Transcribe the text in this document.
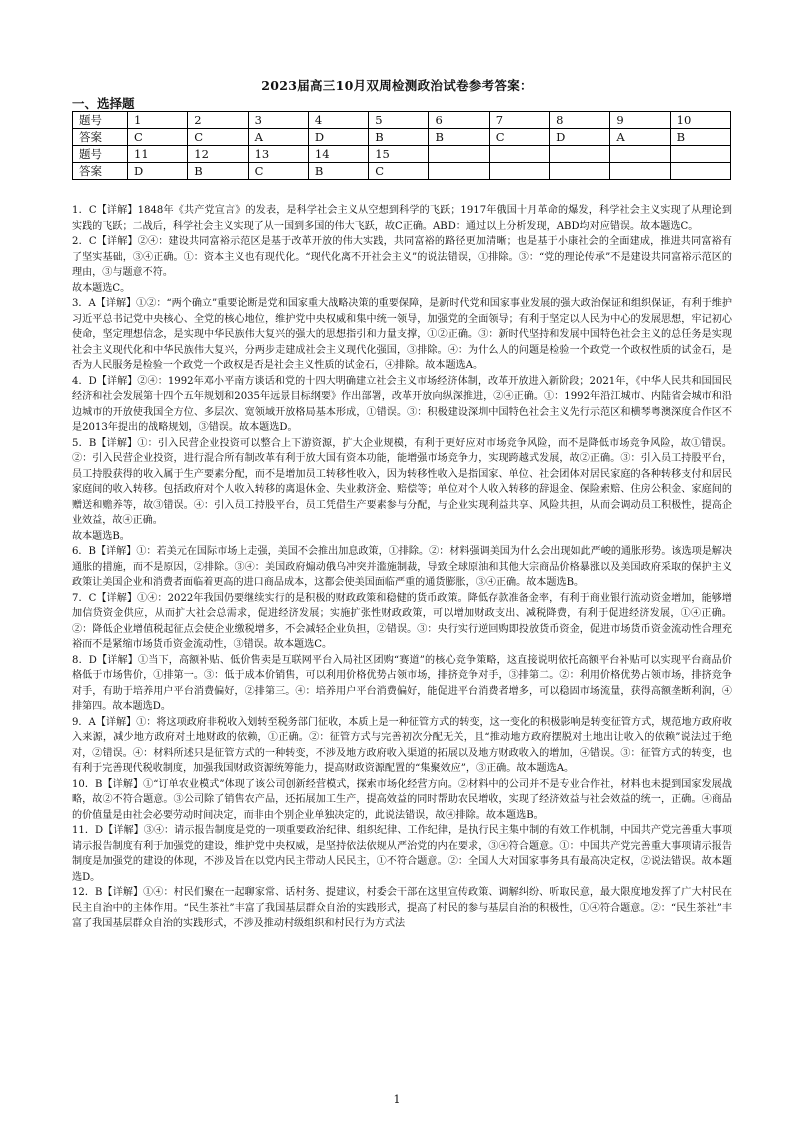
2023届高三10月双周检测政治试卷参考答案：
一、选择题
题号	1	2	3	4	5	6	7	8	9	10
答案	C	C	A	D	B	B	C	D	A	B
题号	11	12	13	14	15					
答案	D	B	C	B	C					

1．C【详解】1848年《共产党宣言》的发表，是科学社会主义从空想到科学的飞跃；1917年俄国十月革命的爆发，科学社会主义实现了从理论到实践的飞跃；二战后，科学社会主义实现了从一国到多国的伟大飞跃，故C正确。ABD：通过以上分析发现，ABD均对应错误。故本题选C。

2．C【详解】②④：建设共同富裕示范区是基于改革开放的伟大实践，共同富裕的路径更加清晰；也是基于小康社会的全面建成，推进共同富裕有了坚实基础，③④正确。①：资本主义也有现代化。“现代化离不开社会主义”的说法错误，①排除。③：“党的理论传承”不是建设共同富裕示范区的理由，③与题意不符。

故本题选C。

3．A【详解】①②：“两个确立”重要论断是党和国家重大战略决策的重要保障，是新时代党和国家事业发展的强大政治保证和组织保证，有利于维护习近平总书记党中央核心、全党的核心地位，维护党中央权威和集中统一领导，加强党的全面领导；有利于坚定以人民为中心的发展思想，牢记初心使命，坚定理想信念，是实现中华民族伟大复兴的强大的思想指引和力量支撑，①②正确。③：新时代坚持和发展中国特色社会主义的总任务是实现社会主义现代化和中华民族伟大复兴，分两步走建成社会主义现代化强国，③排除。④：为什么人的问题是检验一个政党一个政权性质的试金石，是否为人民服务是检验一个政党一个政权是否是社会主义性质的试金石，④排除。故本题选A。

4．D【详解】②④：1992年邓小平南方谈话和党的十四大明确建立社会主义市场经济体制，改革开放进入新阶段；2021年，《中华人民共和国国民经济和社会发展第十四个五年规划和2035年远景目标纲要》作出部署，改革开放向纵深推进，②④正确。①：1992年沿江城市、内陆省会城市和沿边城市的开放使我国全方位、多层次、宽领域开放格局基本形成，①错误。③：积极建设深圳中国特色社会主义先行示范区和横琴粤澳深度合作区不是2013年提出的战略规划，③错误。故本题选D。

5．B【详解】①：引入民营企业投资可以整合上下游资源，扩大企业规模，有利于更好应对市场竞争风险，而不是降低市场竞争风险，故①错误。②：引入民营企业投资，进行混合所有制改革有利于放大国有资本功能，能增强市场竞争力，实现跨越式发展，故②正确。③：引入员工持股平台，员工持股获得的收入属于生产要素分配，而不是增加员工转移性收入，因为转移性收入是指国家、单位、社会团体对居民家庭的各种转移支付和居民家庭间的收入转移。包括政府对个人收入转移的离退休金、失业救济金、赔偿等；单位对个人收入转移的辞退金、保险索赔、住房公积金、家庭间的赠送和赡养等，故③错误。④：引入员工持股平台，员工凭借生产要素参与分配，与企业实现利益共享、风险共担，从而会调动员工积极性，提高企业效益，故④正确。

故本题选B。

6．B【详解】①：若美元在国际市场上走强，美国不会推出加息政策，①排除。②：材料强调美国为什么会出现如此严峻的通胀形势。该选项是解决通胀的措施，而不是原因，②排除。③④：美国政府煽动俄乌冲突并滥施制裁，导致全球原油和其他大宗商品价格暴涨以及美国政府采取的保护主义政策让美国企业和消费者面临着更高的进口商品成本，这都会使美国面临严重的通货膨胀，③④正确。故本题选B。

7．C【详解】①④：2022年我国仍要继续实行的是积极的财政政策和稳健的货币政策。降低存款准备金率，有利于商业银行流动资金增加，能够增加信贷资金供应，从而扩大社会总需求，促进经济发展；实施扩张性财政政策，可以增加财政支出、减税降费，有利于促进经济发展，①④正确。②：降低企业增值税起征点会使企业缴税增多，不会减轻企业负担，②错误。③：央行实行逆回购即投放货币资金，促进市场货币资金流动性合理充裕而不是紧缩市场货币资金流动性，③错误。故本题选C。

8．D【详解】①当下，高额补贴、低价售卖是互联网平台入局社区团购“赛道”的核心竞争策略，这直接说明依托高额平台补贴可以实现平台商品价格低于市场售价，①排第一。③：低于成本价销售，可以利用价格优势占领市场，排挤竞争对手，③排第二。②：利用价格优势占领市场，排挤竞争对手，有助于培养用户平台消费偏好，②排第三。④：培养用户平台消费偏好，能促进平台消费者增多，可以稳固市场流量，获得高额垄断利润，④排第四。故本题选D。

9．A【详解】①：将这项政府非税收入划转至税务部门征收，本质上是一种征管方式的转变，这一变化的积极影响是转变征管方式，规范地方政府收入来源，减少地方政府对土地财政的依赖，①正确。②：征管方式与完善初次分配无关，且“推动地方政府摆脱对土地出让收入的依赖”说法过于绝对，②错误。④：材料所述只是征管方式的一种转变，不涉及地方政府收入渠道的拓展以及地方财政收入的增加，④错误。③：征管方式的转变，也有利于完善现代税收制度，加强我国财政资源统筹能力，提高财政资源配置的“集聚效应”，③正确。故本题选A。

10．B【详解】①“订单农业模式”体现了该公司创新经营模式，探索市场化经营方向。②材料中的公司并不是专业合作社，材料也未提到国家发展战略，故②不符合题意。③公司除了销售农产品，还拓展加工生产，提高效益的同时帮助农民增收，实现了经济效益与社会效益的统一，正确。④商品的价值量是由社会必要劳动时间决定，而非由个别企业单独决定的，此说法错误，故④排除。故本题选B。

11．D【详解】③④：请示报告制度是党的一项重要政治纪律、组织纪律、工作纪律，是执行民主集中制的有效工作机制，中国共产党完善重大事项请示报告制度有利于加强党的建设，维护党中央权威，是坚持依法依规从严治党的内在要求，③④符合题意。①：中国共产党完善重大事项请示报告制度是加强党的建设的体现，不涉及旨在以党内民主带动人民民主，①不符合题意。②：全国人大对国家事务具有最高决定权，②说法错误。故本题选D。

12．B【详解】①④：村民们聚在一起聊家常、话村务、提建议，村委会干部在这里宣传政策、调解纠纷、听取民意，最大限度地发挥了广大村民在民主自治中的主体作用。“民生茶社”丰富了我国基层群众自治的实践形式，提高了村民的参与基层自治的积极性，①④符合题意。②：“民生茶社”丰富了我国基层群众自治的实践形式，不涉及推动村级组织和村民行为方式法

1
